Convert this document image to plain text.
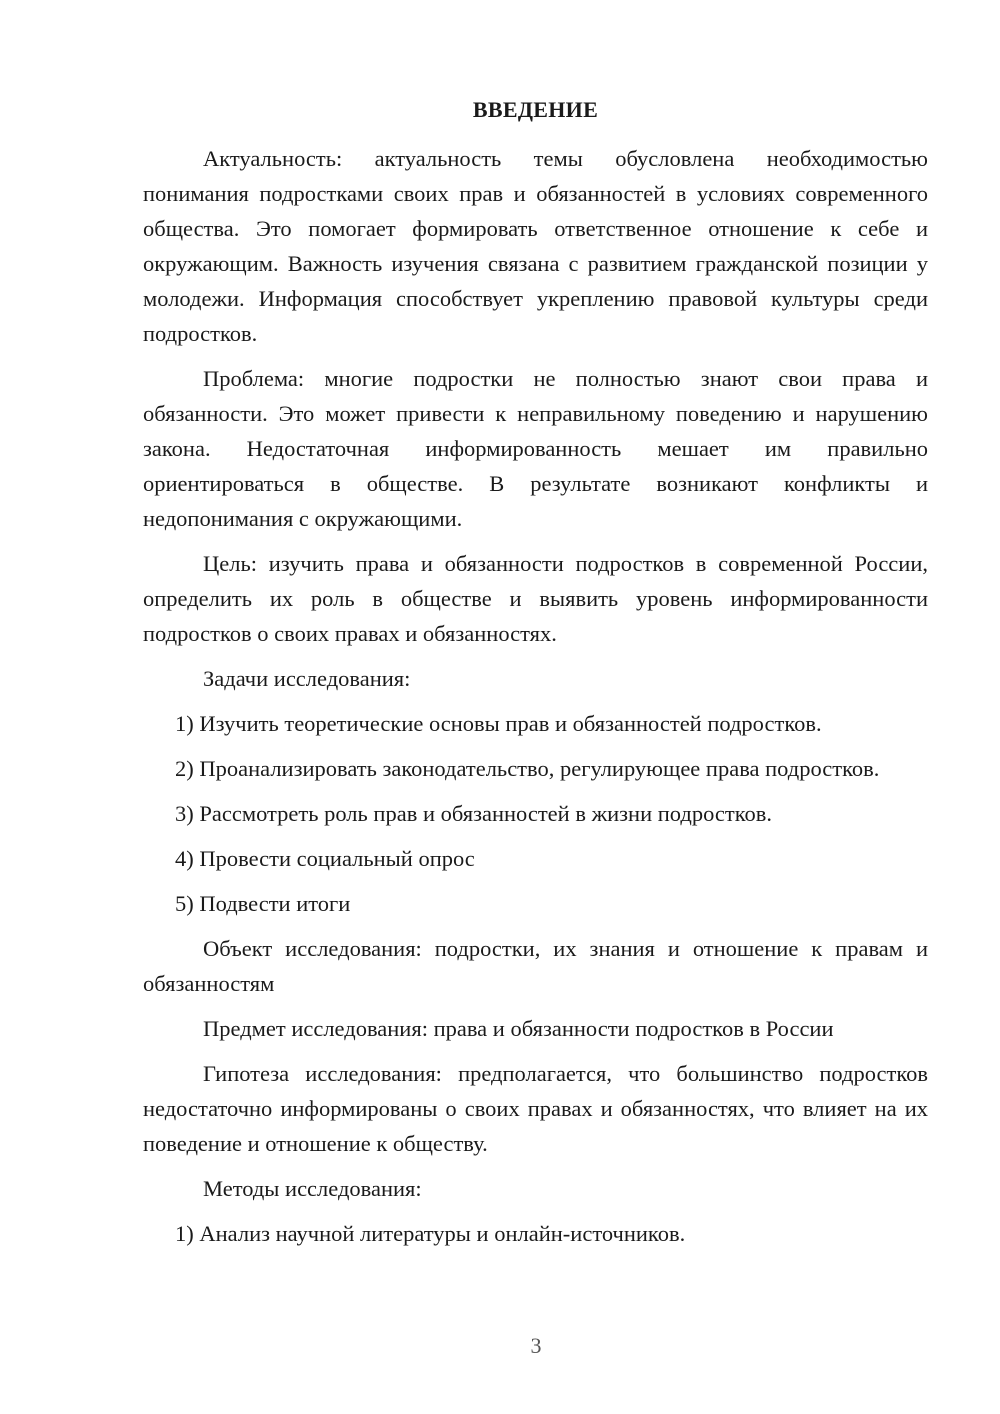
ВВЕДЕНИЕ

Актуальность: актуальность темы обусловлена необходимостью понимания подростками своих прав и обязанностей в условиях современного общества. Это помогает формировать ответственное отношение к себе и окружающим. Важность изучения связана с развитием гражданской позиции у молодежи. Информация способствует укреплению правовой культуры среди подростков.

Проблема: многие подростки не полностью знают свои права и обязанности. Это может привести к неправильному поведению и нарушению закона. Недостаточная информированность мешает им правильно ориентироваться в обществе. В результате возникают конфликты и недопонимания с окружающими.

Цель: изучить права и обязанности подростков в современной России, определить их роль в обществе и выявить уровень информированности подростков о своих правах и обязанностях.

Задачи исследования:

1) Изучить теоретические основы прав и обязанностей подростков.

2) Проанализировать законодательство, регулирующее права подростков.

3) Рассмотреть роль прав и обязанностей в жизни подростков.

4) Провести социальный опрос

5) Подвести итоги

Объект исследования: подростки, их знания и отношение к правам и обязанностям

Предмет исследования: права и обязанности подростков в России

Гипотеза исследования: предполагается, что большинство подростков недостаточно информированы о своих правах и обязанностях, что влияет на их поведение и отношение к обществу.

Методы исследования:

1) Анализ научной литературы и онлайн-источников.

3
